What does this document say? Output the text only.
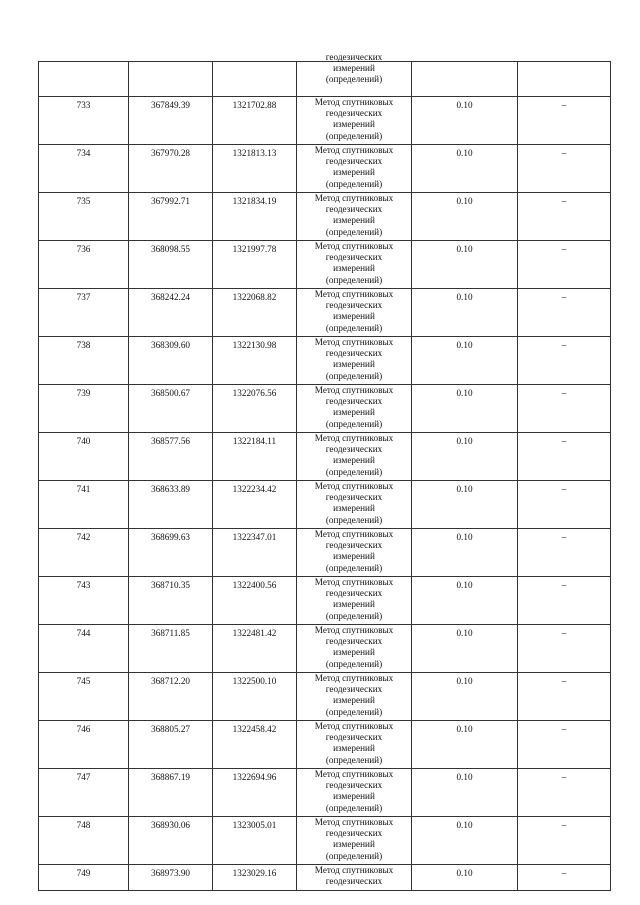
			геодезических
измерений
(определений)		

733	367849.39	1321702.88	Метод спутниковых
геодезических
измерений
(определений)	0.10	–
734	367970.28	1321813.13	Метод спутниковых
геодезических
измерений
(определений)	0.10	–
735	367992.71	1321834.19	Метод спутниковых
геодезических
измерений
(определений)	0.10	–
736	368098.55	1321997.78	Метод спутниковых
геодезических
измерений
(определений)	0.10	–
737	368242.24	1322068.82	Метод спутниковых
геодезических
измерений
(определений)	0.10	–
738	368309.60	1322130.98	Метод спутниковых
геодезических
измерений
(определений)	0.10	–
739	368500.67	1322076.56	Метод спутниковых
геодезических
измерений
(определений)	0.10	–
740	368577.56	1322184.11	Метод спутниковых
геодезических
измерений
(определений)	0.10	–
741	368633.89	1322234.42	Метод спутниковых
геодезических
измерений
(определений)	0.10	–
742	368699.63	1322347.01	Метод спутниковых
геодезических
измерений
(определений)	0.10	–
743	368710.35	1322400.56	Метод спутниковых
геодезических
измерений
(определений)	0.10	–
744	368711.85	1322481.42	Метод спутниковых
геодезических
измерений
(определений)	0.10	–
745	368712.20	1322500.10	Метод спутниковых
геодезических
измерений
(определений)	0.10	–
746	368805.27	1322458.42	Метод спутниковых
геодезических
измерений
(определений)	0.10	–
747	368867.19	1322694.96	Метод спутниковых
геодезических
измерений
(определений)	0.10	–
748	368930.06	1323005.01	Метод спутниковых
геодезических
измерений
(определений)	0.10	–
749	368973.90	1323029.16	Метод спутниковых
геодезических	0.10	–
